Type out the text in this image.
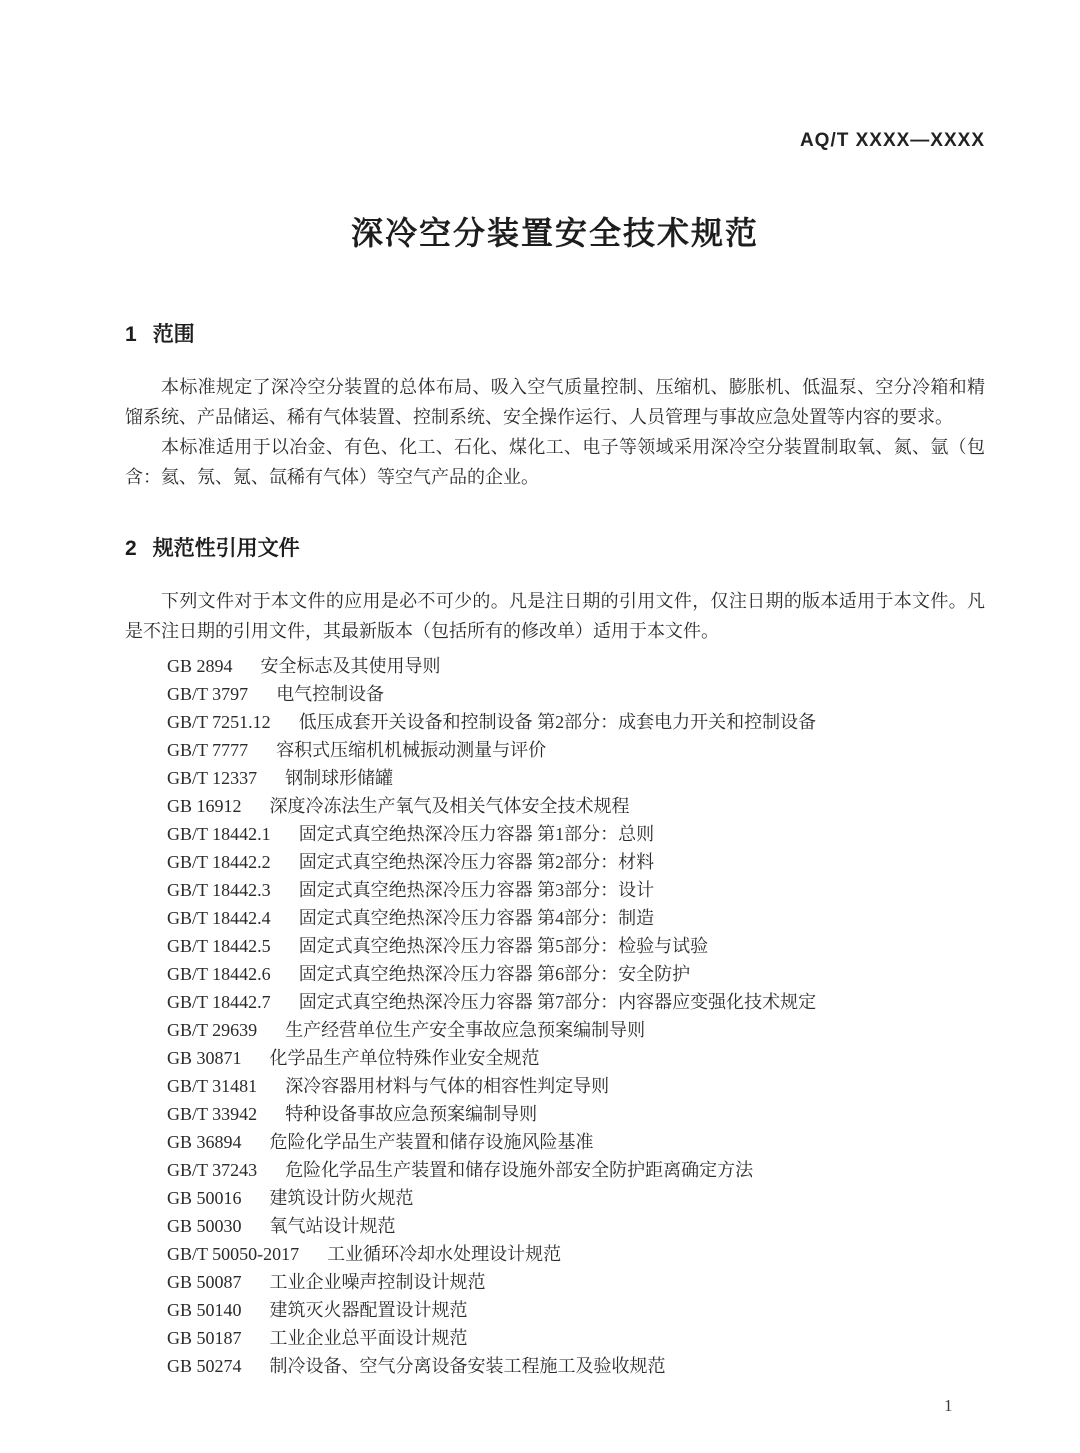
AQ/T XXXX—XXXX
深冷空分装置安全技术规范
1 范围

本标准规定了深冷空分装置的总体布局、吸入空气质量控制、压缩机、膨胀机、低温泵、空分冷箱和精馏系统、产品储运、稀有气体装置、控制系统、安全操作运行、人员管理与事故应急处置等内容的要求。

本标准适用于以冶金、有色、化工、石化、煤化工、电子等领域采用深冷空分装置制取氧、氮、氩（包含：氦、氖、氪、氙稀有气体）等空气产品的企业。

2 规范性引用文件

下列文件对于本文件的应用是必不可少的。凡是注日期的引用文件，仅注日期的版本适用于本文件。凡是不注日期的引用文件，其最新版本（包括所有的修改单）适用于本文件。

GB 2894 安全标志及其使用导则
GB/T 3797 电气控制设备
GB/T 7251.12 低压成套开关设备和控制设备 第2部分：成套电力开关和控制设备
GB/T 7777 容积式压缩机机械振动测量与评价
GB/T 12337 钢制球形储罐
GB 16912 深度冷冻法生产氧气及相关气体安全技术规程
GB/T 18442.1 固定式真空绝热深冷压力容器 第1部分：总则
GB/T 18442.2 固定式真空绝热深冷压力容器 第2部分：材料
GB/T 18442.3 固定式真空绝热深冷压力容器 第3部分：设计
GB/T 18442.4 固定式真空绝热深冷压力容器 第4部分：制造
GB/T 18442.5 固定式真空绝热深冷压力容器 第5部分：检验与试验
GB/T 18442.6 固定式真空绝热深冷压力容器 第6部分：安全防护
GB/T 18442.7 固定式真空绝热深冷压力容器 第7部分：内容器应变强化技术规定
GB/T 29639 生产经营单位生产安全事故应急预案编制导则
GB 30871 化学品生产单位特殊作业安全规范
GB/T 31481 深冷容器用材料与气体的相容性判定导则
GB/T 33942 特种设备事故应急预案编制导则
GB 36894 危险化学品生产装置和储存设施风险基准
GB/T 37243 危险化学品生产装置和储存设施外部安全防护距离确定方法
GB 50016 建筑设计防火规范
GB 50030 氧气站设计规范
GB/T 50050-2017 工业循环冷却水处理设计规范
GB 50087 工业企业噪声控制设计规范
GB 50140 建筑灭火器配置设计规范
GB 50187 工业企业总平面设计规范
GB 50274 制冷设备、空气分离设备安装工程施工及验收规范
1
